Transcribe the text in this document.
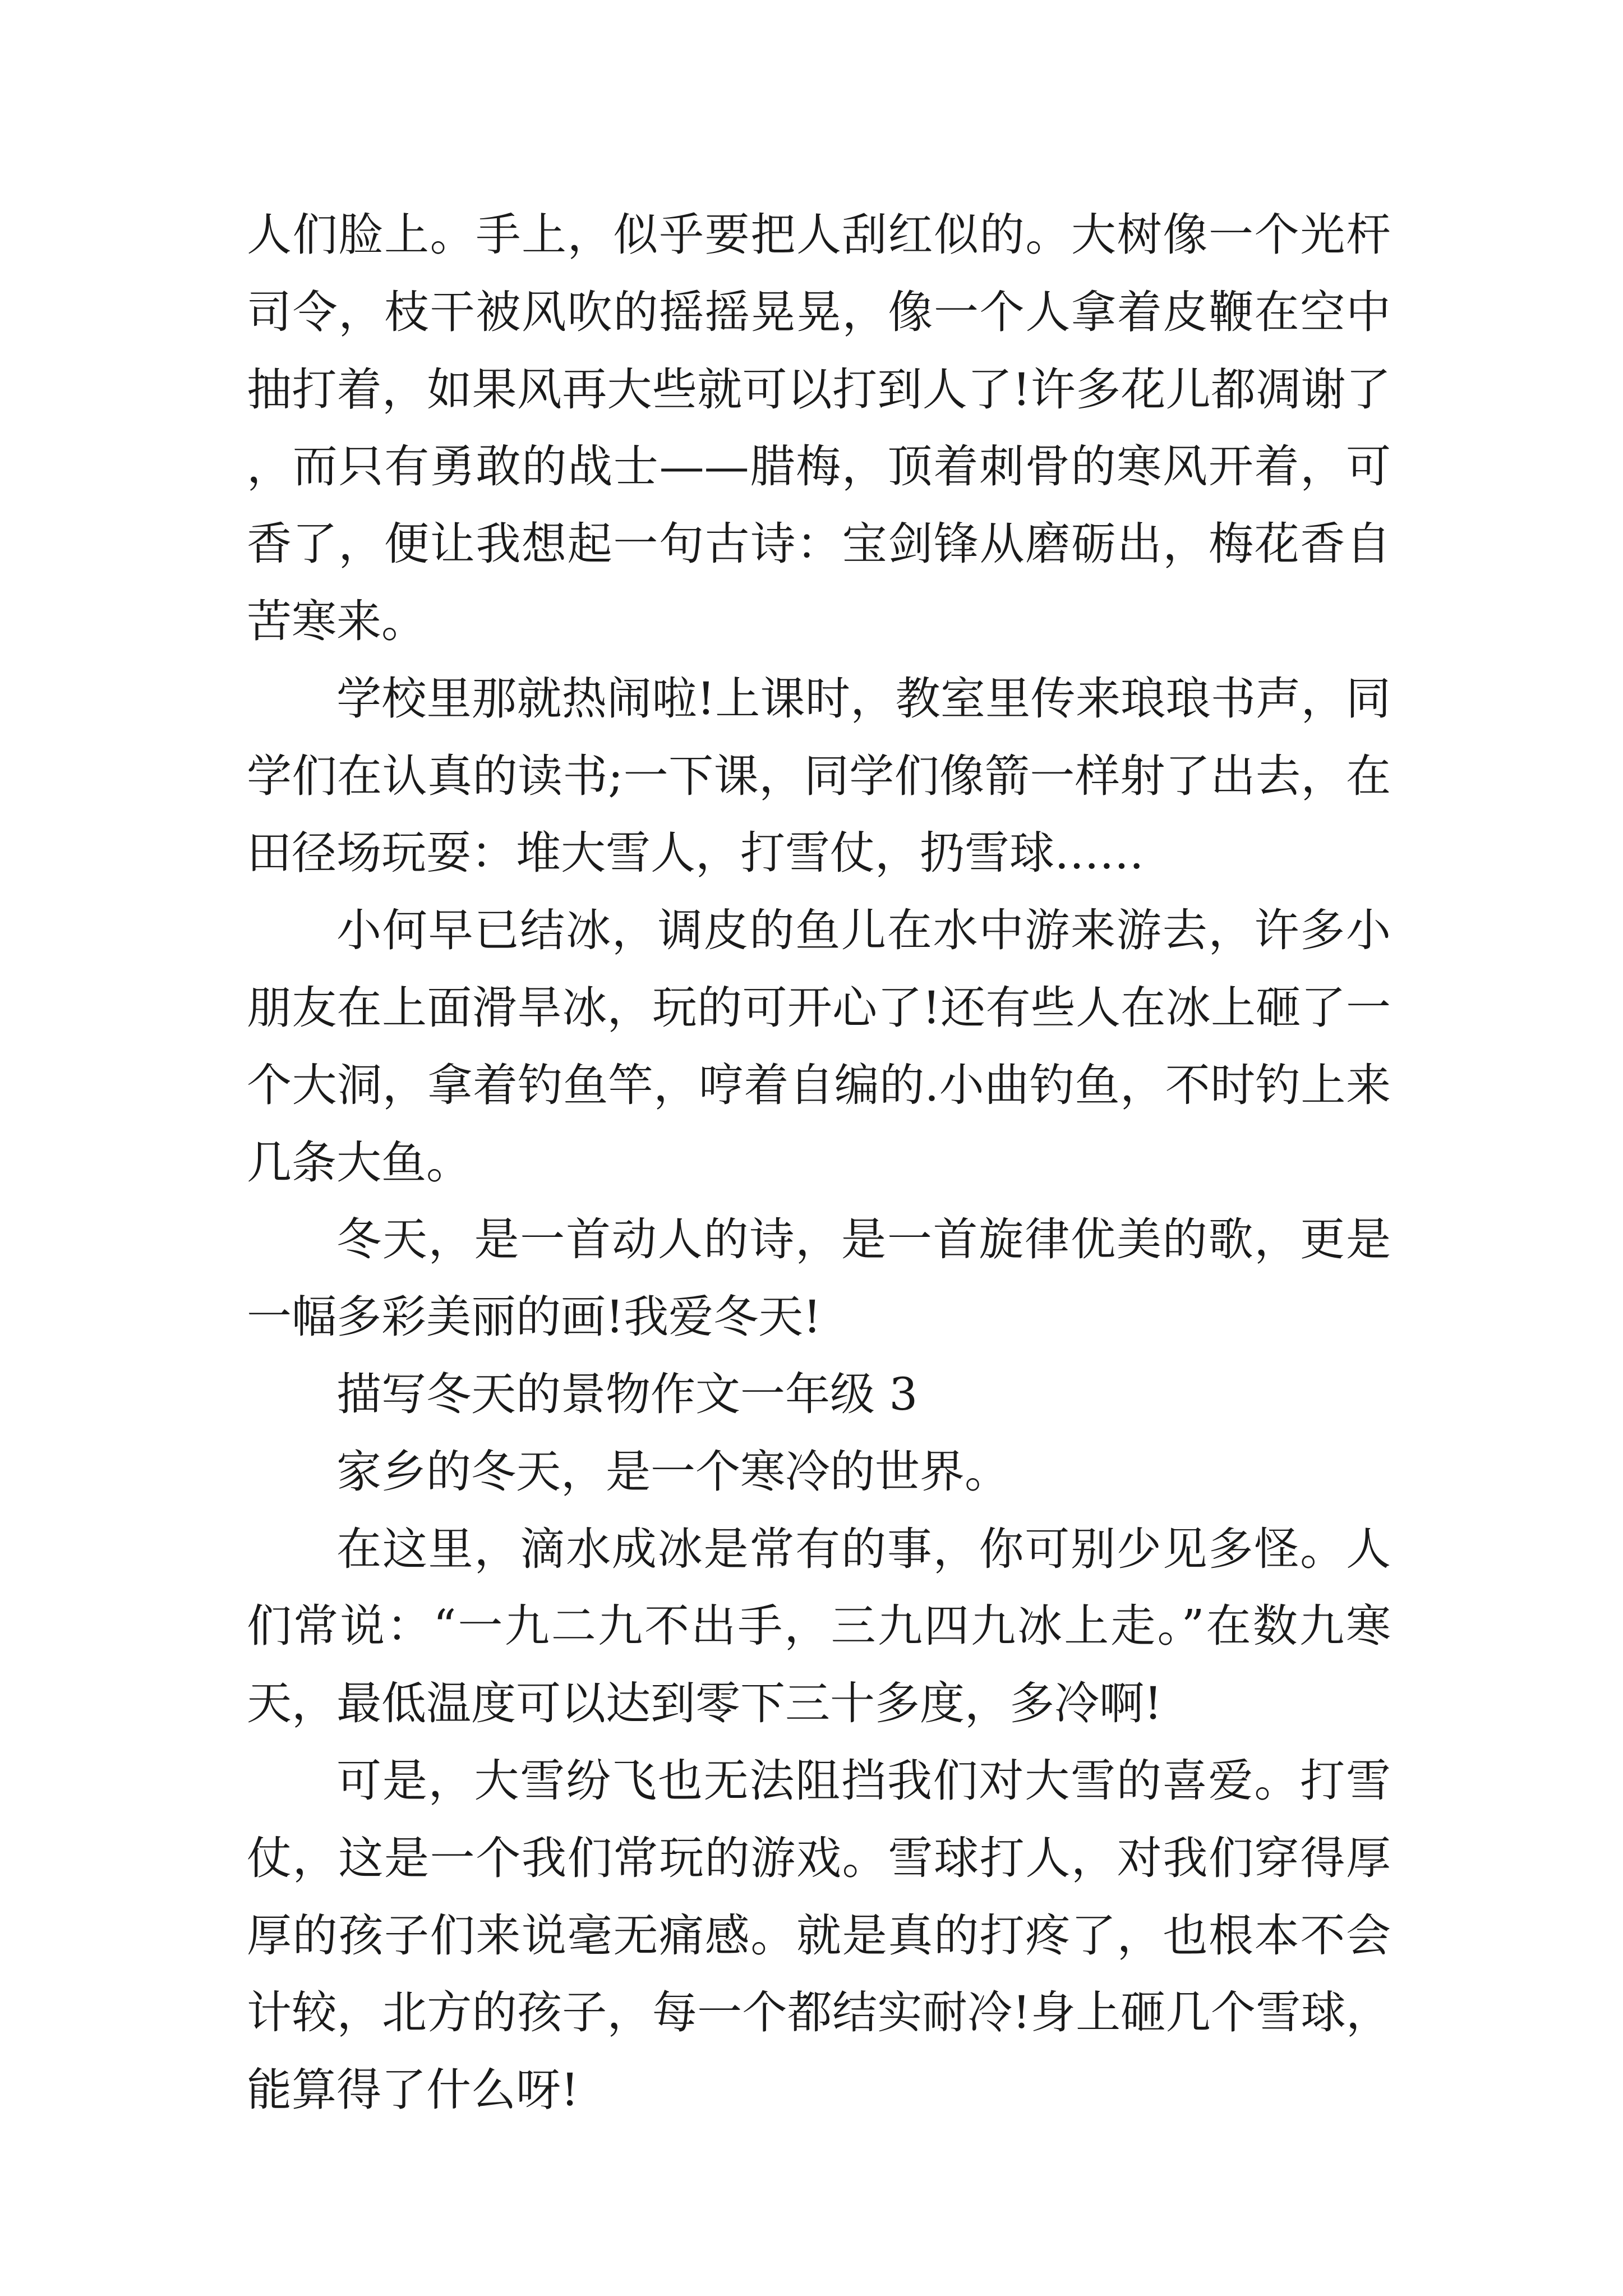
人们脸上。手上，似乎要把人刮红似的。大树像一个光杆司令，枝干被风吹的摇摇晃晃，像一个人拿着皮鞭在空中抽打着，如果风再大些就可以打到人了!许多花儿都凋谢了，而只有勇敢的战士——腊梅，顶着刺骨的寒风开着，可香了，便让我想起一句古诗：宝剑锋从磨砺出，梅花香自苦寒来。

学校里那就热闹啦!上课时，教室里传来琅琅书声，同学们在认真的读书;一下课，同学们像箭一样射了出去，在田径场玩耍：堆大雪人，打雪仗，扔雪球……

小何早已结冰，调皮的鱼儿在水中游来游去，许多小朋友在上面滑旱冰，玩的可开心了!还有些人在冰上砸了一个大洞，拿着钓鱼竿，哼着自编的.小曲钓鱼，不时钓上来几条大鱼。

冬天，是一首动人的诗，是一首旋律优美的歌，更是一幅多彩美丽的画!我爱冬天!

描写冬天的景物作文一年级 3

家乡的冬天，是一个寒冷的世界。

在这里，滴水成冰是常有的事，你可别少见多怪。人们常说：“一九二九不出手，三九四九冰上走。”在数九寒天，最低温度可以达到零下三十多度，多冷啊!

可是，大雪纷飞也无法阻挡我们对大雪的喜爱。打雪仗，这是一个我们常玩的游戏。雪球打人，对我们穿得厚厚的孩子们来说毫无痛感。就是真的打疼了，也根本不会计较，北方的孩子，每一个都结实耐冷!身上砸几个雪球，能算得了什么呀!
